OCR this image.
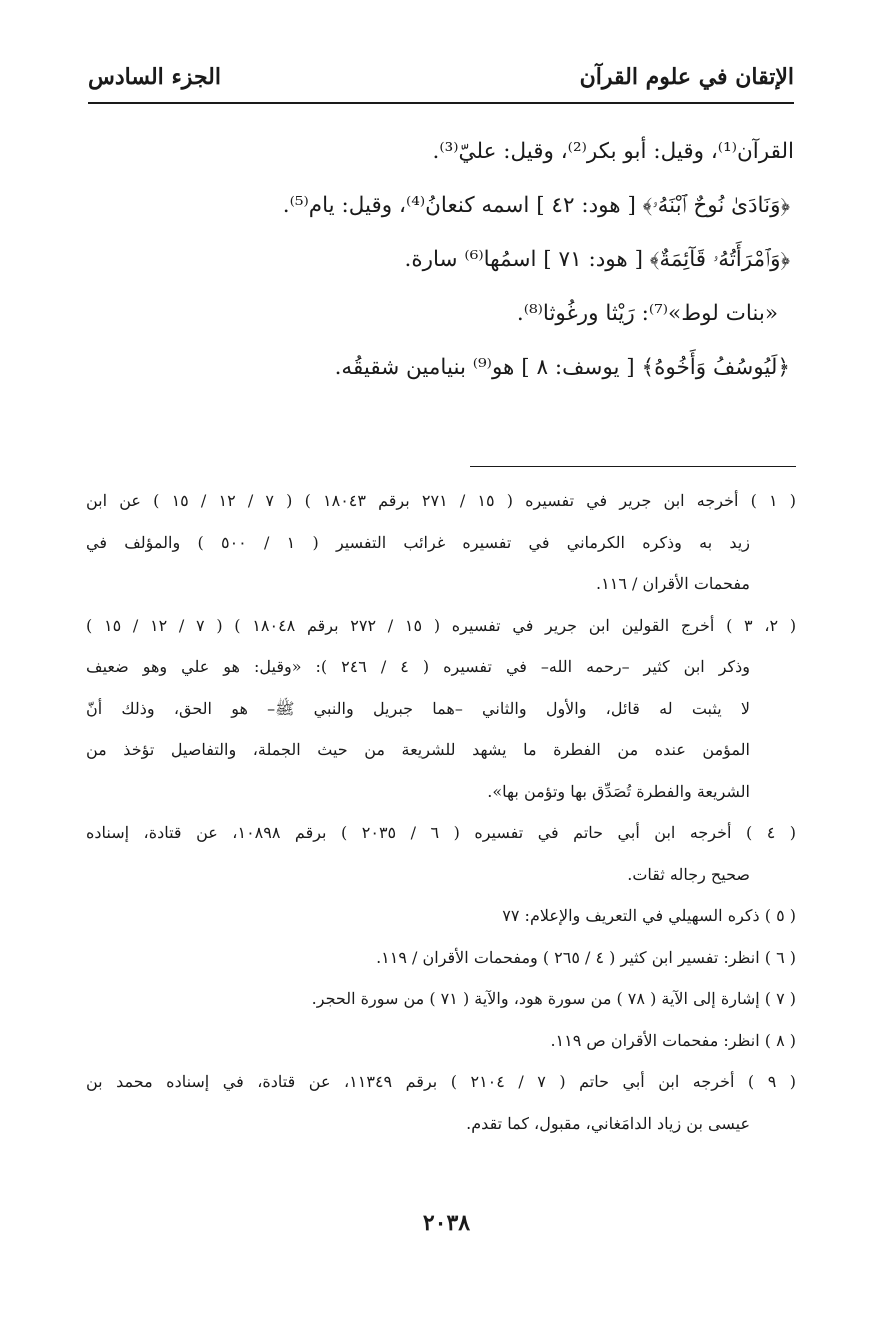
الإتقان في علوم القرآن
الجزء السادس
القرآن⁽¹⁾، وقيل: أبو بكر⁽²⁾، وقيل: عليّ⁽³⁾.
﴿وَنَادَىٰ نُوحٌ ٱبْنَهُۥ﴾ [ هود: ٤٢ ] اسمه كنعانُ⁽⁴⁾، وقيل: يام⁽⁵⁾.
﴿وَٱمْرَأَتُهُۥ قَآئِمَةٌ﴾ [ هود: ٧١ ] اسمُها⁽⁶⁾ سارة.
«بنات لوط»⁽⁷⁾: رَيْثا ورغُوثا⁽⁸⁾.
﴿لَيُوسُفُ وَأَخُوهُ﴾ [ يوسف: ٨ ] هو⁽⁹⁾ بنيامين شقيقُه.
( ١ ) أخرجه ابن جرير في تفسيره ( ١٥ / ٢٧١ برقم ١٨٠٤٣ ) ( ٧ / ١٢ / ١٥ ) عن ابن
زيد به وذكره الكرماني في تفسيره غرائب التفسير ( ١ / ٥٠٠ ) والمؤلف في
مفحمات الأقران / ١١٦.
( ٢، ٣ ) أخرج القولين ابن جرير في تفسيره ( ١٥ / ٢٧٢ برقم ١٨٠٤٨ ) ( ٧ / ١٢ / ١٥ )
وذكر ابن كثير –رحمه الله– في تفسيره ( ٤ / ٢٤٦ ): «وقيل: هو علي وهو ضعيف
لا يثبت له قائل، والأول والثاني –هما جبريل والنبي ﷺ– هو الحق، وذلك أنّ
المؤمن عنده من الفطرة ما يشهد للشريعة من حيث الجملة، والتفاصيل تؤخذ من
الشريعة والفطرة تُصَدِّق بها وتؤمن بها».
( ٤ ) أخرجه ابن أبي حاتم في تفسيره ( ٦ / ٢٠٣٥ ) برقم ١٠٨٩٨، عن قتادة، إسناده
صحيح رجاله ثقات.
( ٥ ) ذكره السهيلي في التعريف والإعلام: ٧٧
( ٦ ) انظر: تفسير ابن كثير ( ٤ / ٢٦٥ ) ومفحمات الأقران / ١١٩.
( ٧ ) إشارة إلى الآية ( ٧٨ ) من سورة هود، والآية ( ٧١ ) من سورة الحجر.
( ٨ ) انظر: مفحمات الأقران ص ١١٩.
( ٩ ) أخرجه ابن أبي حاتم ( ٧ / ٢١٠٤ ) برقم ١١٣٤٩، عن قتادة، في إسناده محمد بن
عيسى بن زياد الدامَغاني، مقبول، كما تقدم.
٢٠٣٨
